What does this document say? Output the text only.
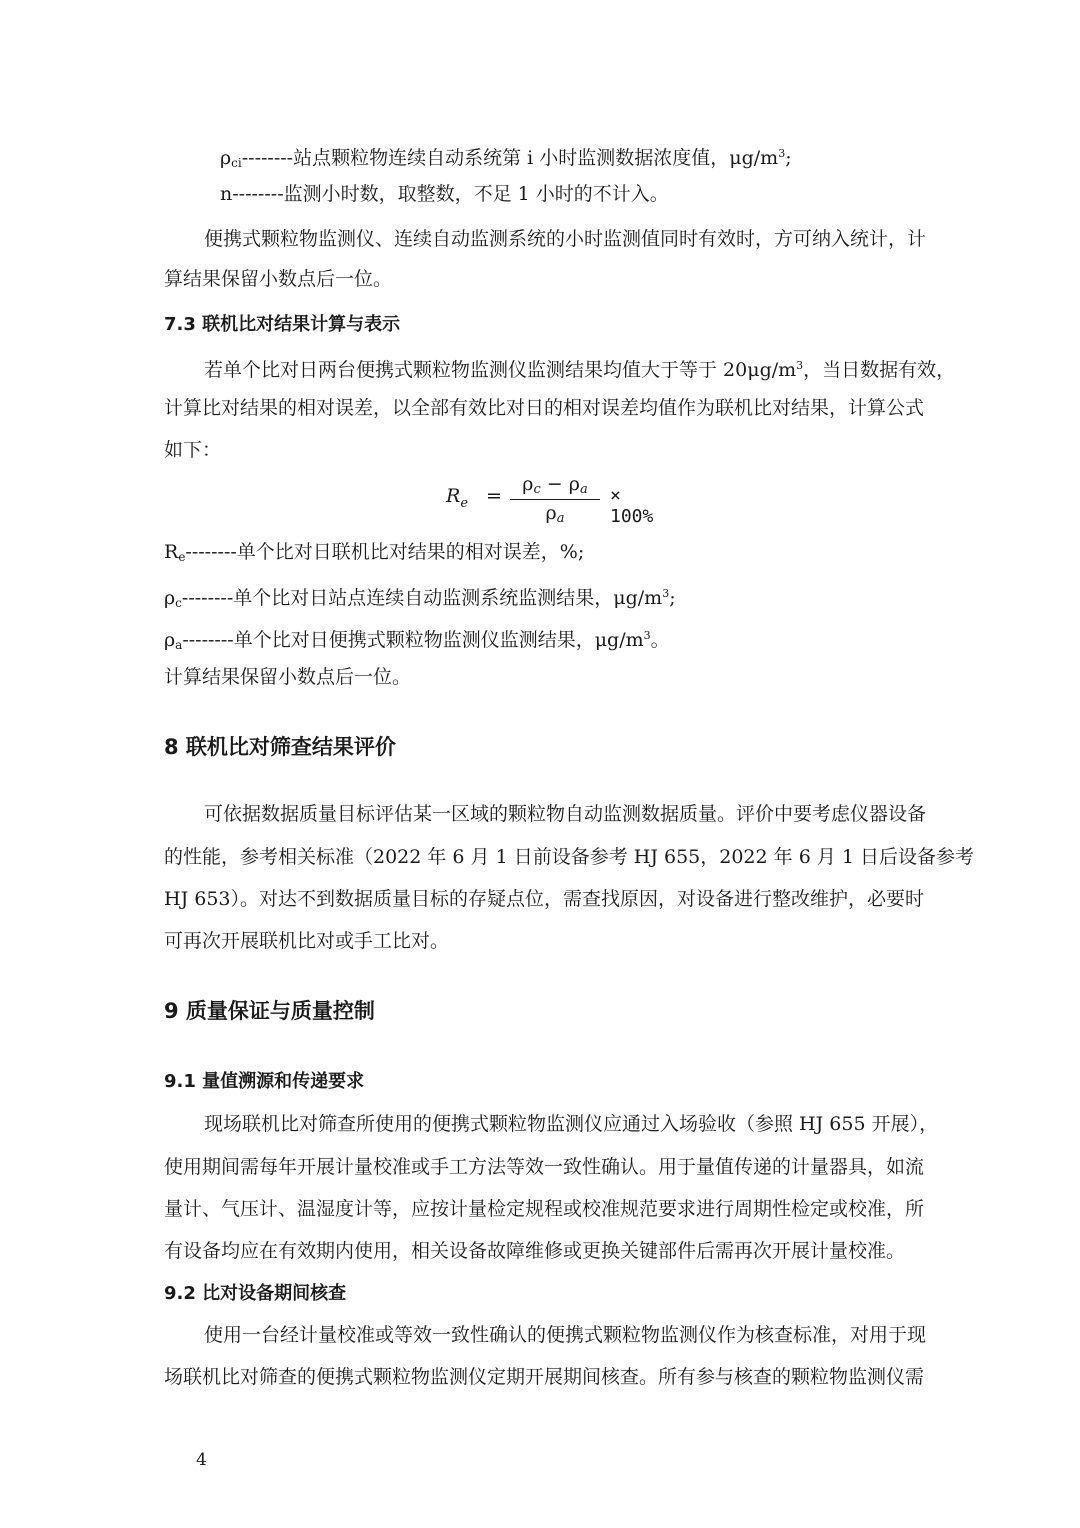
$\rho_{ci}--------$站点颗粒物连续自动系统第 i 小时监测数据浓度值，$\mu g/m^3$;
n--------监测小时数，取整数，不足 1 小时的不计入。
便携式颗粒物监测仪、连续自动监测系统的小时监测值同时有效时，方可纳入统计，计
算结果保留小数点后一位。
7.3 联机比对结果计算与表示
若单个比对日两台便携式颗粒物监测仪监测结果均值大于等于 $20\mu g/m^3$，当日数据有效，
计算比对结果的相对误差，以全部有效比对日的相对误差均值作为联机比对结果，计算公式
如下：
$R_e$ =
ρc − ρa
ρa
× 100%
$R_e--------$单个比对日联机比对结果的相对误差，%;
$\rho_c--------$单个比对日站点连续自动监测系统监测结果，$\mu g/m^3$;
$\rho_a--------$单个比对日便携式颗粒物监测仪监测结果，$\mu g/m^3$。
计算结果保留小数点后一位。
8 联机比对筛查结果评价
可依据数据质量目标评估某一区域的颗粒物自动监测数据质量。评价中要考虑仪器设备
的性能，参考相关标准（2022 年 6 月 1 日前设备参考 HJ 655，2022 年 6 月 1 日后设备参考
HJ 653）。对达不到数据质量目标的存疑点位，需查找原因，对设备进行整改维护，必要时
可再次开展联机比对或手工比对。
9 质量保证与质量控制
9.1 量值溯源和传递要求
现场联机比对筛查所使用的便携式颗粒物监测仪应通过入场验收（参照 HJ 655 开展），
使用期间需每年开展计量校准或手工方法等效一致性确认。用于量值传递的计量器具，如流
量计、气压计、温湿度计等，应按计量检定规程或校准规范要求进行周期性检定或校准，所
有设备均应在有效期内使用，相关设备故障维修或更换关键部件后需再次开展计量校准。
9.2 比对设备期间核查
使用一台经计量校准或等效一致性确认的便携式颗粒物监测仪作为核查标准，对用于现
场联机比对筛查的便携式颗粒物监测仪定期开展期间核查。所有参与核查的颗粒物监测仪需
4
